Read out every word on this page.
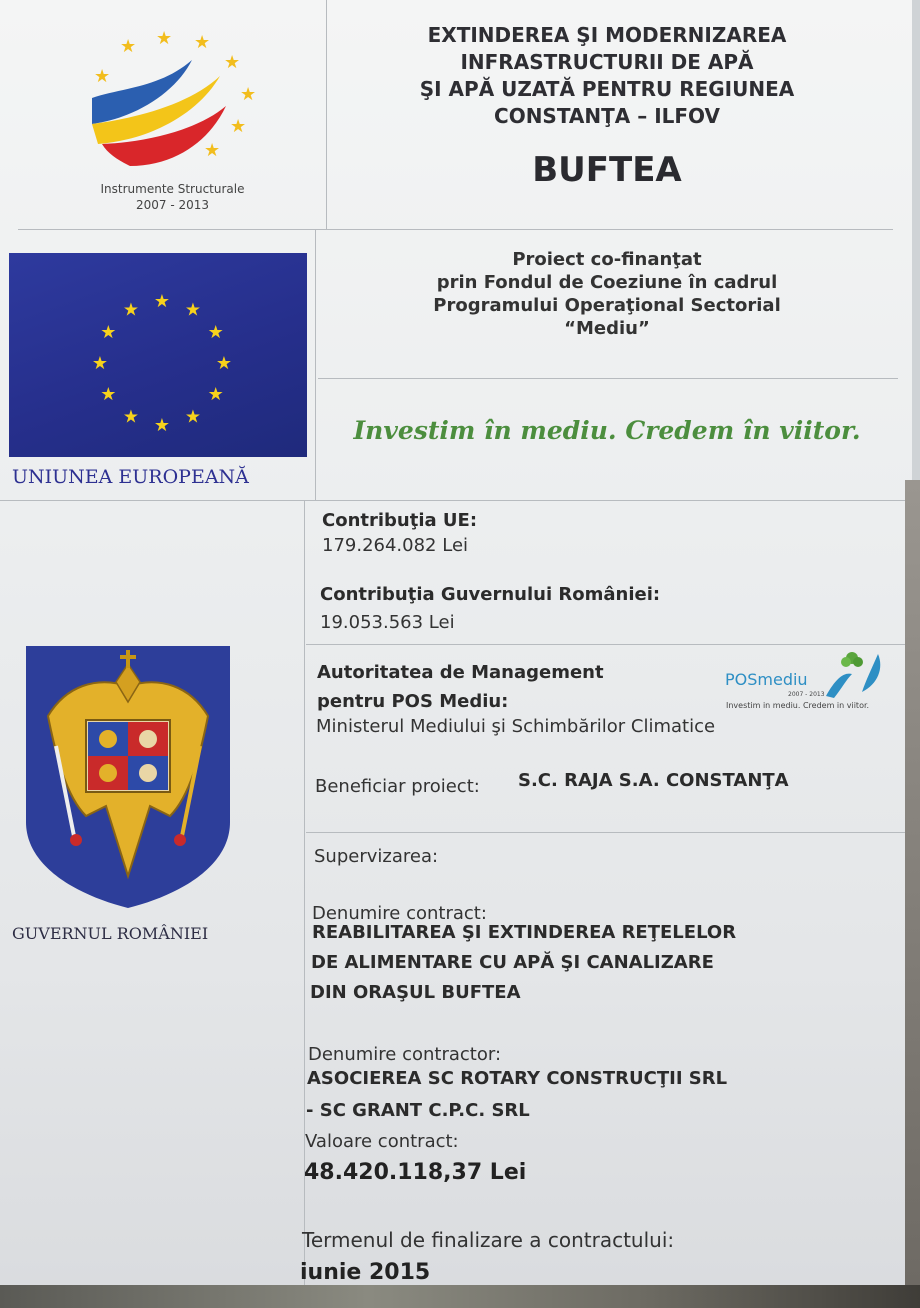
★ ★ ★
★
★
★
★
★
Instrumente Structurale
2007 - 2013
EXTINDEREA ŞI MODERNIZAREA
INFRASTRUCTURII DE APĂ
ŞI APĂ UZATĂ PENTRU REGIUNEA
CONSTANŢA – ILFOV
BUFTEA
★ ★
★
★
★
★
★
★
★
★
★
★
UNIUNEA EUROPEANĂ
Proiect co-finanţat
prin Fondul de Coeziune în cadrul
Programului Operaţional Sectorial
“Mediu”
Investim în mediu. Credem în viitor.
Contribuţia UE:
179.264.082 Lei
Contribuţia Guvernului României:
19.053.563 Lei
Autoritatea de Management
pentru POS Mediu:
Ministerul Mediului şi Schimbărilor Climatice
POSmediu
2007 - 2013
Investim in mediu. Credem in viitor.
Beneficiar proiect: S.C. RAJA S.A. CONSTANŢA
Supervizarea:
Denumire contract:
REABILITAREA ŞI EXTINDEREA REŢELELOR
DE ALIMENTARE CU APĂ ŞI CANALIZARE
DIN ORAŞUL BUFTEA
Denumire contractor:
ASOCIEREA SC ROTARY CONSTRUCŢII SRL
- SC GRANT C.P.C. SRL
Valoare contract:
48.420.118,37 Lei
Termenul de finalizare a contractului:
iunie 2015
GUVERNUL ROMÂNIEI
